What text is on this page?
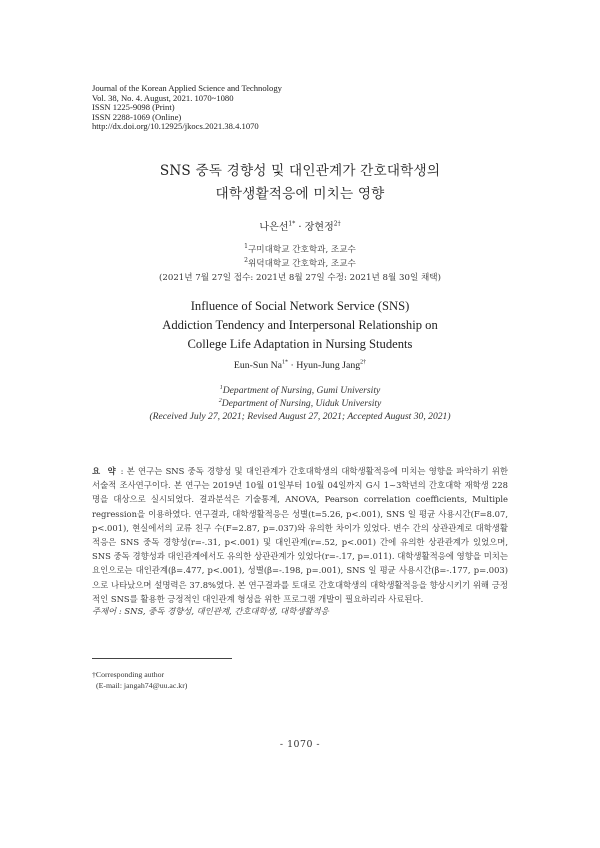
Journal of the Korean Applied Science and Technology
Vol. 38, No. 4. August, 2021. 1070~1080
ISSN 1225-9098 (Print)
ISSN 2288-1069 (Online)
http://dx.doi.org/10.12925/jkocs.2021.38.4.1070
SNS 중독 경향성 및 대인관계가 간호대학생의
대학생활적응에 미치는 영향
나은선$^{1*}$ · 장현정$^{2\dagger}$
$^1$구미대학교 간호학과, 조교수
$^2$위덕대학교 간호학과, 조교수
(2021년 7월 27일 접수: 2021년 8월 27일 수정: 2021년 8월 30일 채택)
Influence of Social Network Service (SNS)
Addiction Tendency and Interpersonal Relationship on
College Life Adaptation in Nursing Students
Eun-Sun $Na^{1*}$ · Hyun-Jung Jang$^{2\dagger}$
$^1$Department of Nursing, Gumi University
$^2$Department of Nursing, Uiduk University
(Received July 27, 2021; Revised August 27, 2021; Accepted August 30, 2021)
요 약 : 본 연구는 SNS 중독 경향성 및 대인관계가 간호대학생의 대학생활적응에 미치는 영향을 파악하기 위한 서술적 조사연구이다. 본 연구는 2019년 10월 01일부터 10월 04일까지 G시 1~3학년의 간호대학 재학생 228명을 대상으로 실시되었다. 결과분석은 기술통계, ANOVA, Pearson correlation coefficients, Multiple regression을 이용하였다. 연구결과, 대학생활적응은 성별(t=5.26, p<.001), SNS 일 평균 사용시간(F=8.07, p<.001), 현실에서의 교류 친구 수(F=2.87, p=.037)와 유의한 차이가 있었다. 변수 간의 상관관계로 대학생활적응은 SNS 중독 경향성(r=-.31, p<.001) 및 대인관계(r=.52, p<.001) 간에 유의한 상관관계가 있었으며, SNS 중독 경향성과 대인관계에서도 유의한 상관관계가 있었다(r=-.17, p=.011). 대학생활적응에 영향을 미치는 요인으로는 대인관계(β=.477, p<.001), 성별(β=-.198, p=.001), SNS 일 평균 사용시간(β=-.177, p=.003)으로 나타났으며 설명력은 37.8%였다. 본 연구결과를 토대로 간호대학생의 대학생활적응을 향상시키기 위해 긍정적인 SNS를 활용한 긍정적인 대인관계 형성을 위한 프로그램 개발이 필요하리라 사료된다.
주제어 : SNS, 중독 경향성, 대인관계, 간호대학생, 대학생활적응
†Corresponding author
(E-mail: jangah74@uu.ac.kr)
- 1070 -
